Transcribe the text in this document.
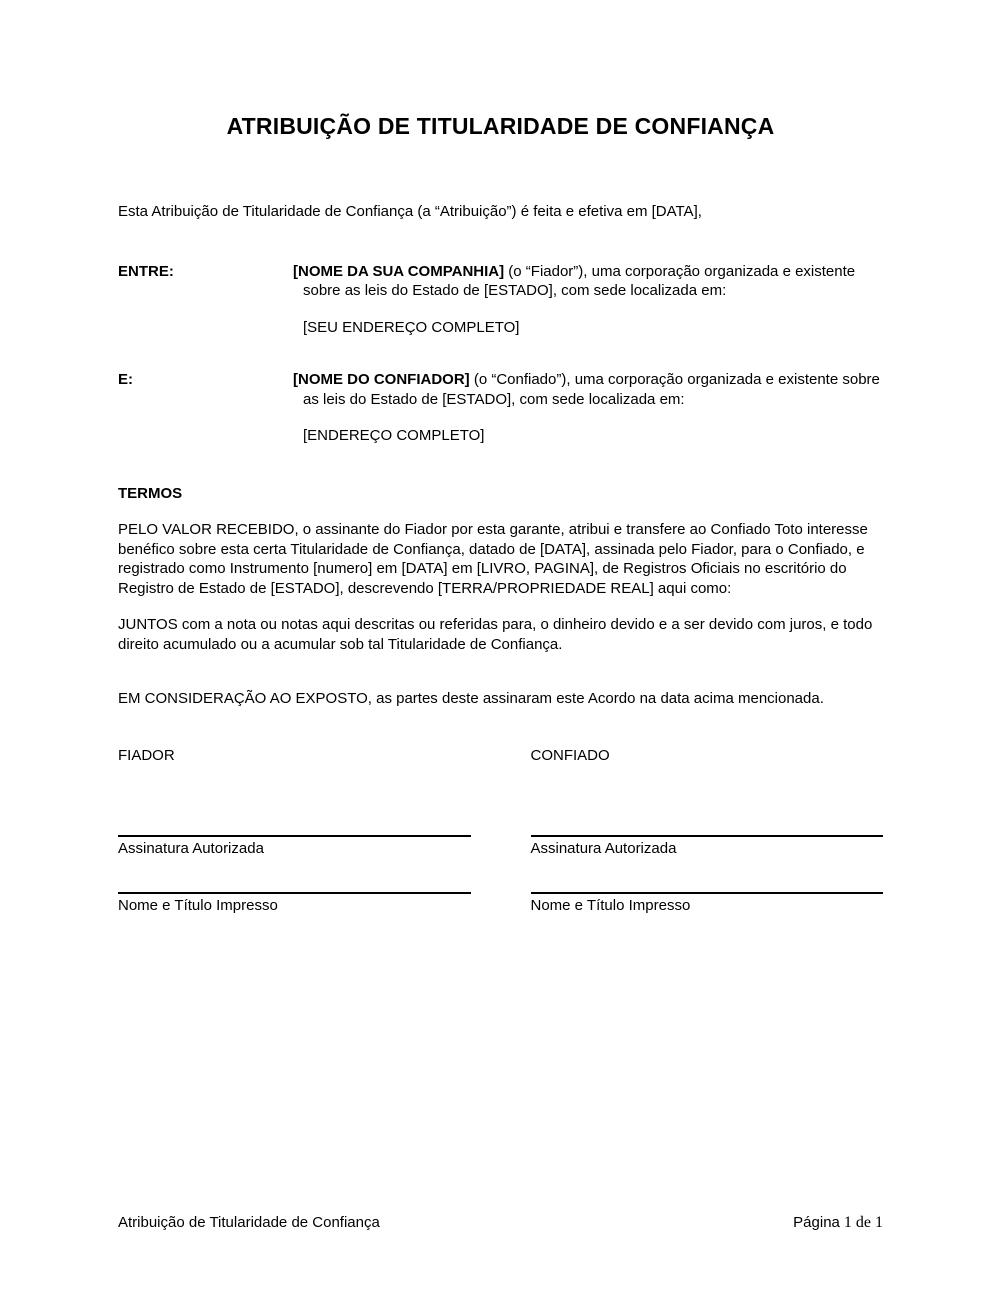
ATRIBUIÇÃO DE TITULARIDADE DE CONFIANÇA

Esta Atribuição de Titularidade de Confiança (a “Atribuição”) é feita e efetiva em [DATA],

ENTRE:	[NOME DA SUA COMPANHIA] (o “Fiador”), uma corporação organizada e existente sobre as leis do Estado de [ESTADO], com sede localizada em:

[SEU ENDEREÇO COMPLETO]

E:	[NOME DO CONFIADOR] (o “Confiado”), uma corporação organizada e existente sobre as leis do Estado de [ESTADO], com sede localizada em:

[ENDEREÇO COMPLETO]

TERMOS

PELO VALOR RECEBIDO, o assinante do Fiador por esta garante, atribui e transfere ao Confiado Toto interesse benéfico sobre esta certa Titularidade de Confiança, datado de [DATA], assinada pelo Fiador, para o Confiado, e registrado como Instrumento [numero] em [DATA] em [LIVRO, PAGINA], de Registros Oficiais no escritório do Registro de Estado de [ESTADO], descrevendo [TERRA/PROPRIEDADE REAL] aqui como:

JUNTOS com a nota ou notas aqui descritas ou referidas para, o dinheiro devido e a ser devido com juros, e todo direito acumulado ou a acumular sob tal Titularidade de Confiança.

EM CONSIDERAÇÃO AO EXPOSTO, as partes deste assinaram este Acordo na data acima mencionada.

FIADOR

Assinatura Autorizada
Nome e Título Impresso

CONFIADO

Assinatura Autorizada
Nome e Título Impresso
Atribuição de Titularidade de Confiança	Página 1 de 1
